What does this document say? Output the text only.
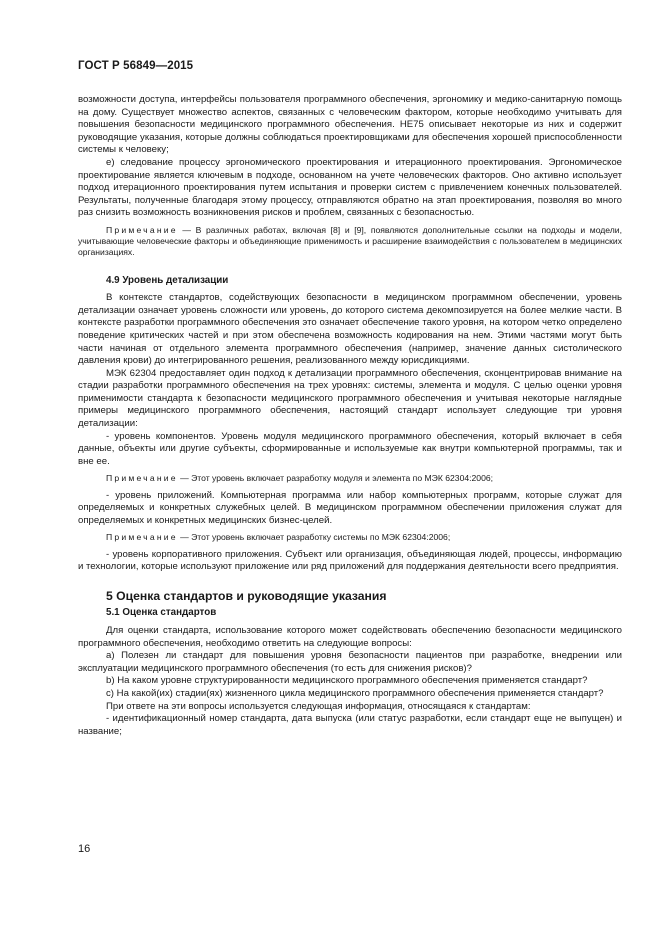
ГОСТ Р 56849—2015

возможности доступа, интерфейсы пользователя программного обеспечения, эргономику и медико-санитарную помощь на дому. Существует множество аспектов, связанных с человеческим фактором, которые необходимо учитывать для повышения безопасности медицинского программного обеспечения. HE75 описывает некоторые из них и содержит руководящие указания, которые должны соблюдаться проектировщиками для обеспечения хорошей приспособленности системы к человеку;

e) следование процессу эргономического проектирования и итерационного проектирования. Эргономическое проектирование является ключевым в подходе, основанном на учете человеческих факторов. Оно активно использует подход итерационного проектирования путем испытания и проверки систем с привлечением конечных пользователей. Результаты, полученные благодаря этому процессу, отправляются обратно на этап проектирования, позволяя во много раз снизить возможность возникновения рисков и проблем, связанных с безопасностью.

Примечание — В различных работах, включая [8] и [9], появляются дополнительные ссылки на подходы и модели, учитывающие человеческие факторы и объединяющие применимость и расширение взаимодействия с пользователем в медицинских организациях.

4.9 Уровень детализации

В контексте стандартов, содействующих безопасности в медицинском программном обеспечении, уровень детализации означает уровень сложности или уровень, до которого система декомпозируется на более мелкие части. В контексте разработки программного обеспечения это означает обеспечение такого уровня, на котором четко определено поведение критических частей и при этом обеспечена возможность кодирования на нем. Этими частями могут быть части начиная от отдельного элемента программного обеспечения (например, значение данных систолического давления крови) до интегрированного решения, реализованного между юрисдикциями.

МЭК 62304 предоставляет один подход к детализации программного обеспечения, сконцентрировав внимание на стадии разработки программного обеспечения на трех уровнях: системы, элемента и модуля. С целью оценки уровня применимости стандарта к безопасности медицинского программного обеспечения и учитывая некоторые наглядные примеры медицинского программного обеспечения, настоящий стандарт использует следующие три уровня детализации:

- уровень компонентов. Уровень модуля медицинского программного обеспечения, который включает в себя данные, объекты или другие субъекты, сформированные и используемые как внутри компьютерной программы, так и вне ее.

Примечание — Этот уровень включает разработку модуля и элемента по МЭК 62304:2006;

- уровень приложений. Компьютерная программа или набор компьютерных программ, которые служат для определяемых и конкретных служебных целей. В медицинском программном обеспечении приложения служат для определяемых и конкретных медицинских бизнес-целей.

Примечание — Этот уровень включает разработку системы по МЭК 62304:2006;

- уровень корпоративного приложения. Субъект или организация, объединяющая людей, процессы, информацию и технологии, которые используют приложение или ряд приложений для поддержания деятельности всего предприятия.

5 Оценка стандартов и руководящие указания
5.1 Оценка стандартов

Для оценки стандарта, использование которого может содействовать обеспечению безопасности медицинского программного обеспечения, необходимо ответить на следующие вопросы:

a) Полезен ли стандарт для повышения уровня безопасности пациентов при разработке, внедрении или эксплуатации медицинского программного обеспечения (то есть для снижения рисков)?

b) На каком уровне структурированности медицинского программного обеспечения применяется стандарт?

c) На какой(их) стадии(ях) жизненного цикла медицинского программного обеспечения применяется стандарт?

При ответе на эти вопросы используется следующая информация, относящаяся к стандартам:

- идентификационный номер стандарта, дата выпуска (или статус разработки, если стандарт еще не выпущен) и название;

16
